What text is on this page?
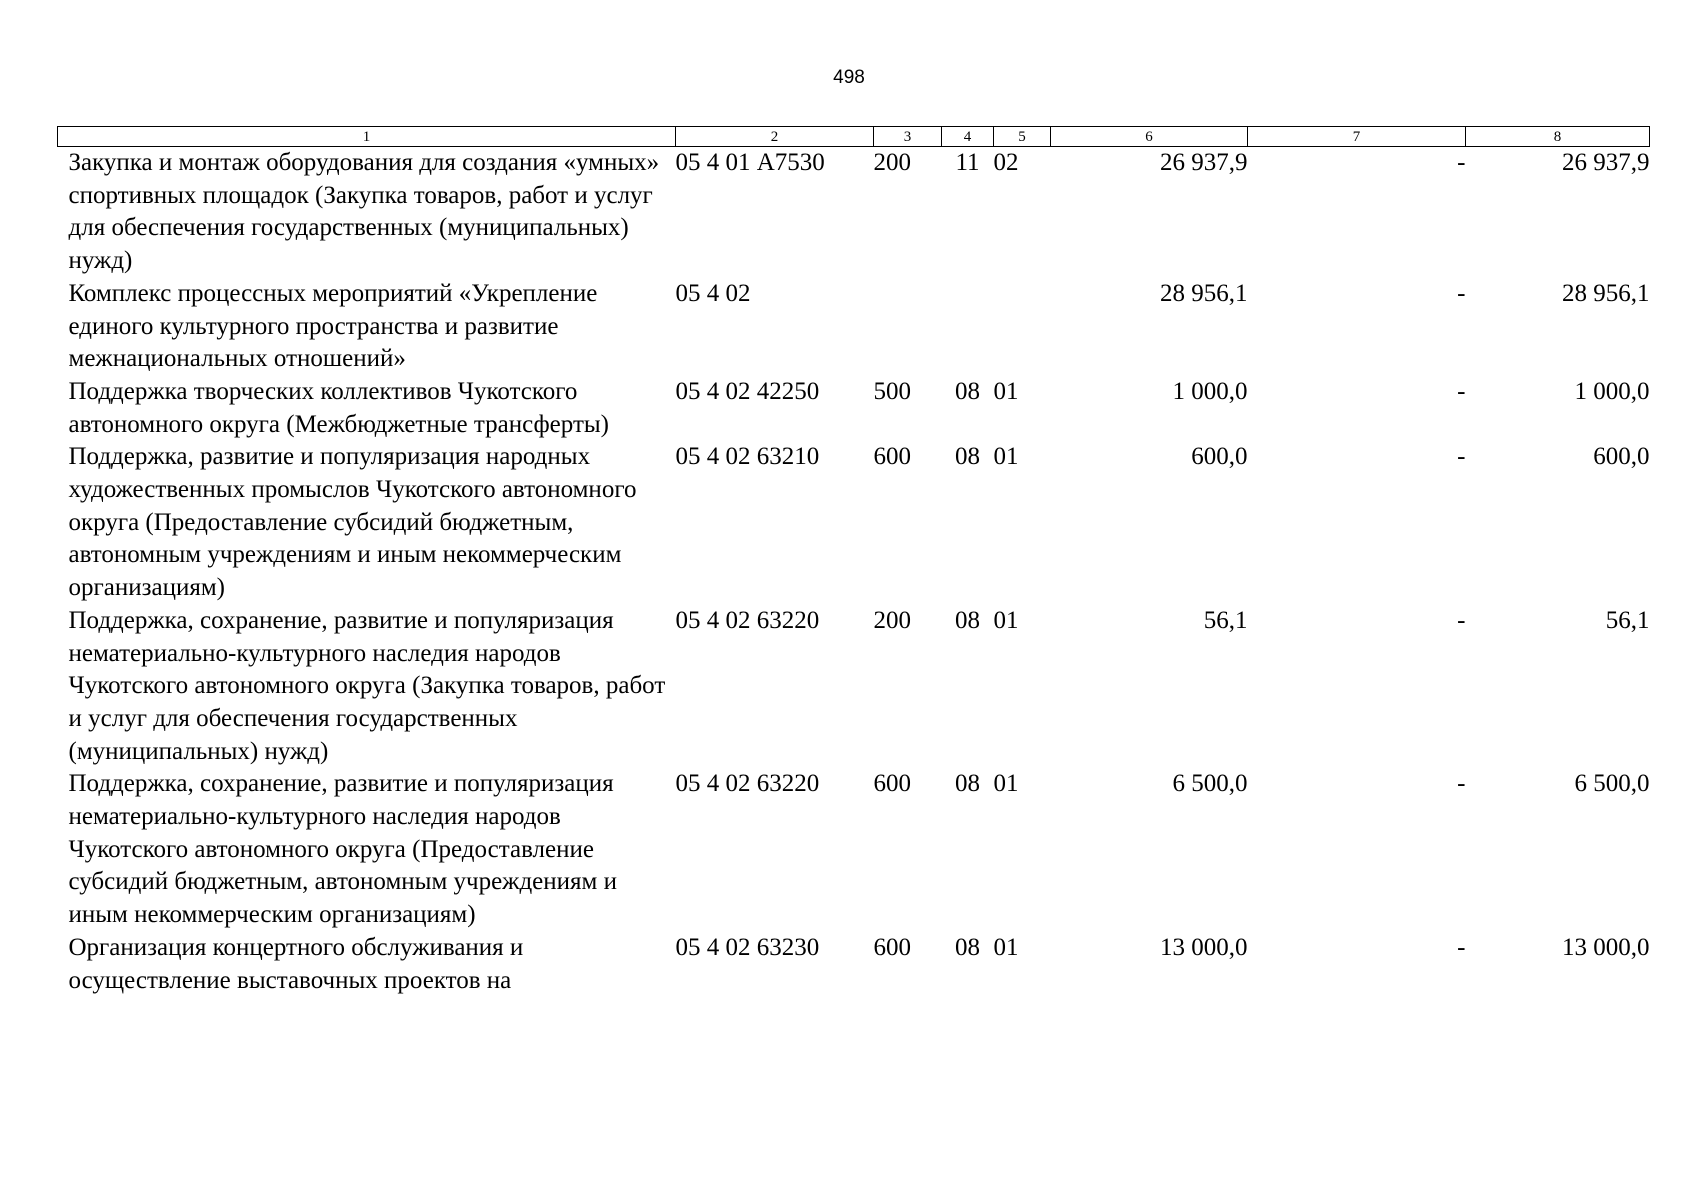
498
1	2	3	4	5	6	7	8
Закупка и монтаж оборудования для создания «умных» спортивных площадок (Закупка товаров, работ и услуг для обеспечения государственных (муниципальных) нужд)	05 4 01 А7530	200	11	02	26 937,9	-	26 937,9
Комплекс процессных мероприятий «Укрепление единого культурного пространства и развитие межнациональных отношений»	05 4 02				28 956,1	-	28 956,1
Поддержка творческих коллективов Чукотского автономного округа (Межбюджетные трансферты)	05 4 02 42250	500	08	01	1 000,0	-	1 000,0
Поддержка, развитие и популяризация народных художественных промыслов Чукотского автономного округа (Предоставление субсидий бюджетным, автономным учреждениям и иным некоммерческим организациям)	05 4 02 63210	600	08	01	600,0	-	600,0
Поддержка, сохранение, развитие и популяризация нематериально-культурного наследия народов Чукотского автономного округа (Закупка товаров, работ и услуг для обеспечения государственных (муниципальных) нужд)	05 4 02 63220	200	08	01	56,1	-	56,1
Поддержка, сохранение, развитие и популяризация нематериально-культурного наследия народов Чукотского автономного округа (Предоставление субсидий бюджетным, автономным учреждениям и иным некоммерческим организациям)	05 4 02 63220	600	08	01	6 500,0	-	6 500,0
Организация концертного обслуживания и осуществление выставочных проектов на	05 4 02 63230	600	08	01	13 000,0	-	13 000,0
